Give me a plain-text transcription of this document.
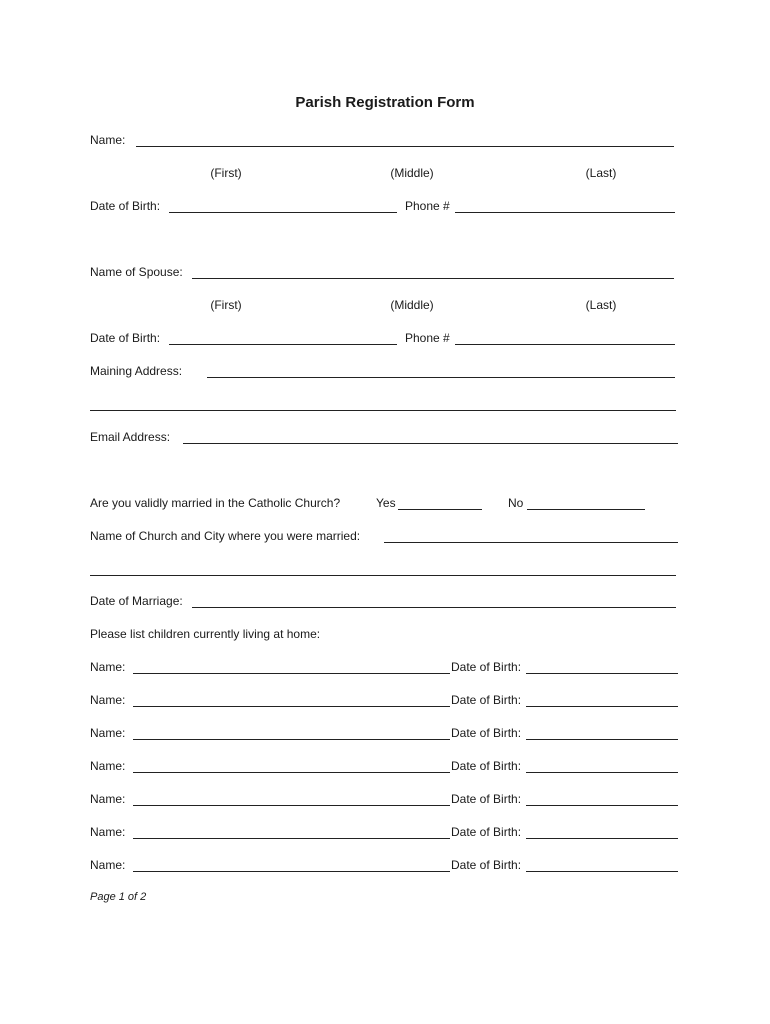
Parish Registration Form
Name:
(First)	(Middle)	(Last)
Date of Birth:	Phone #
Name of Spouse:
(First)	(Middle)	(Last)
Date of Birth:	Phone #
Maining Address:
Email Address:
Are you validly married in the Catholic Church?	Yes	No
Name of Church and City where you were married:
Date of Marriage:
Please list children currently living at home:
Name:	Date of Birth:
Name:	Date of Birth:
Name:	Date of Birth:
Name:	Date of Birth:
Name:	Date of Birth:
Name:	Date of Birth:
Name:	Date of Birth:
Page 1 of 2
